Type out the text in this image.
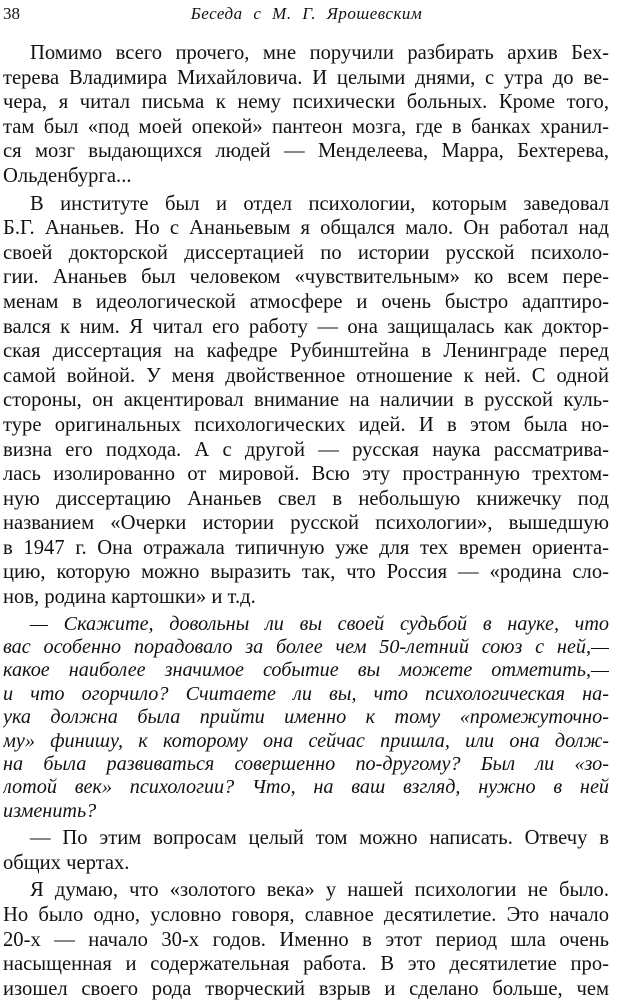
38	Беседа с М. Г. Ярошевским
Помимо всего прочего, мне поручили разбирать архив Бех-
терева Владимира Михайловича. И целыми днями, с утра до ве-
чера, я читал письма к нему психически больных. Кроме того,
там был «под моей опекой» пантеон мозга, где в банках хранил-
ся мозг выдающихся людей — Менделеева, Марра, Бехтерева,
Ольденбурга...
В институте был и отдел психологии, которым заведовал
Б.Г. Ананьев. Но с Ананьевым я общался мало. Он работал над
своей докторской диссертацией по истории русской психоло-
гии. Ананьев был человеком «чувствительным» ко всем пере-
менам в идеологической атмосфере и очень быстро адаптиро-
вался к ним. Я читал его работу — она защищалась как доктор-
ская диссертация на кафедре Рубинштейна в Ленинграде перед
самой войной. У меня двойственное отношение к ней. С одной
стороны, он акцентировал внимание на наличии в русской куль-
туре оригинальных психологических идей. И в этом была но-
визна его подхода. А с другой — русская наука рассматрива-
лась изолированно от мировой. Всю эту пространную трехтом-
ную диссертацию Ананьев свел в небольшую книжечку под
названием «Очерки истории русской психологии», вышедшую
в 1947 г. Она отражала типичную уже для тех времен ориента-
цию, которую можно выразить так, что Россия — «родина сло-
нов, родина картошки» и т.д.
— Скажите, довольны ли вы своей судьбой в науке, что
вас особенно порадовало за более чем 50-летний союз с ней,—
какое наиболее значимое событие вы можете отметить,—
и что огорчило? Считаете ли вы, что психологическая на-
ука должна была прийти именно к тому «промежуточно-
му» финишу, к которому она сейчас пришла, или она долж-
на была развиваться совершенно по-другому? Был ли «зо-
лотой век» психологии? Что, на ваш взгляд, нужно в ней
изменить?
— По этим вопросам целый том можно написать. Отвечу в
общих чертах.
Я думаю, что «золотого века» у нашей психологии не было.
Но было одно, условно говоря, славное десятилетие. Это начало
20-х — начало 30-х годов. Именно в этот период шла очень
насыщенная и содержательная работа. В это десятилетие про-
изошел своего рода творческий взрыв и сделано больше, чем
